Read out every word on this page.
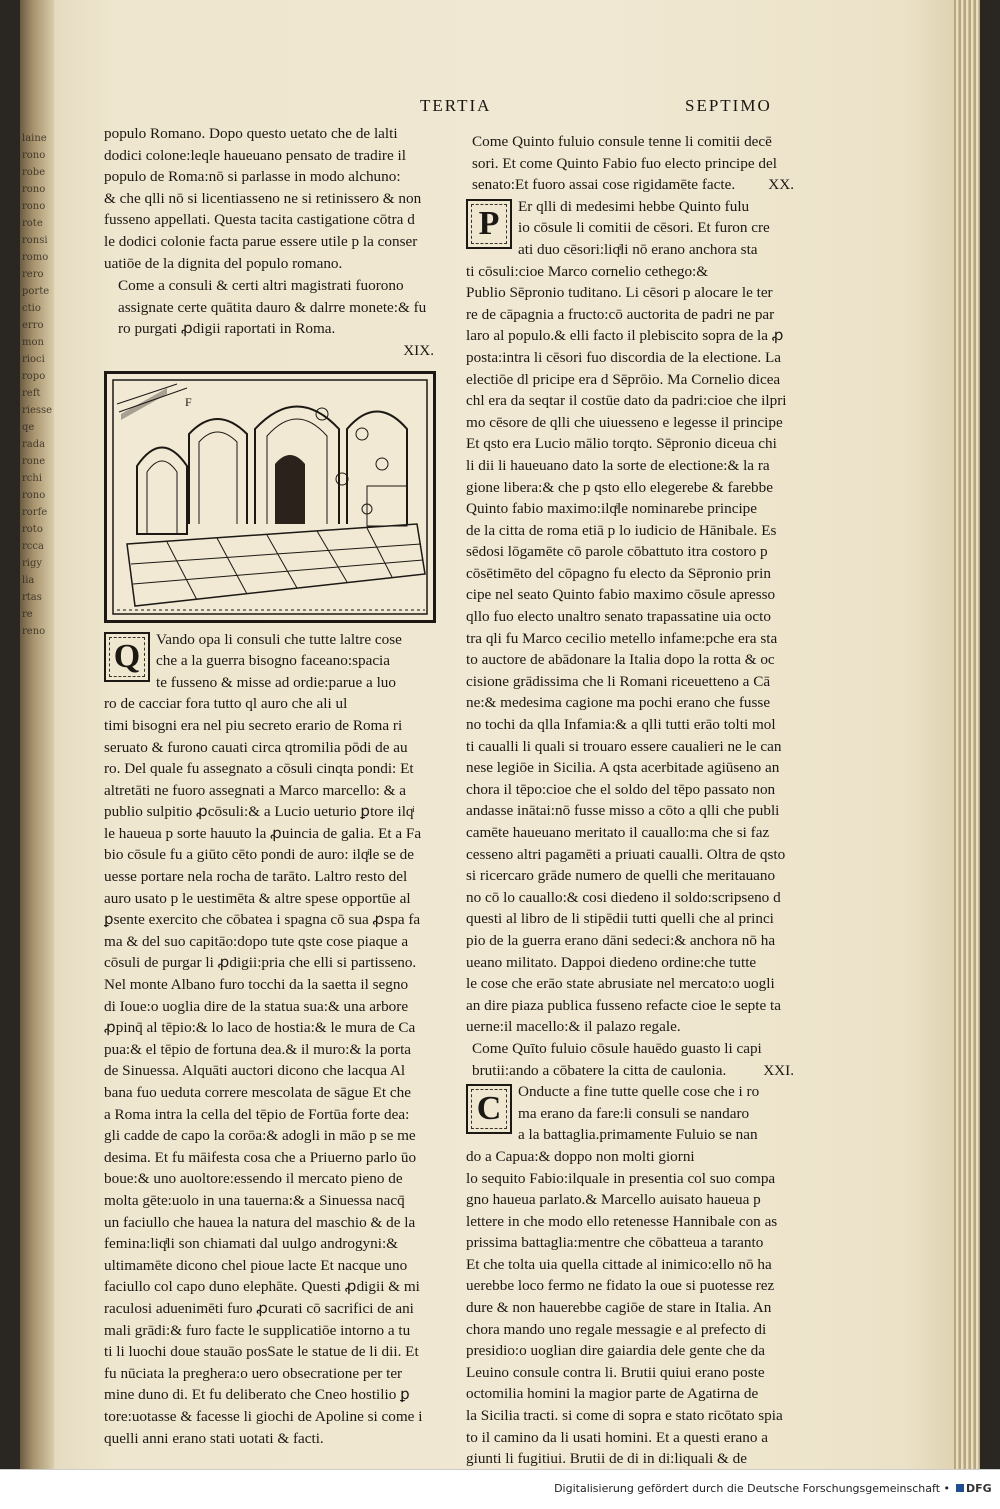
laine
rono
robe
rono
rono
rote
ronsi
romo
rero
porte
ctio
erro
mon
rioci
ropo
reft
riesse
qe
rada
rone
rchi
rono
rorfe
roto
rcca
rigy
lia
rtas
re
reno
TERTIA	SEPTIMO
populo Romano. Dopo questo uetato che de lalti
dodici colone:leqle haueuano pensato de tradire il
populo de Roma:nō si parlasse in modo alchuno:
& che qlli nō si licentiasseno ne si retinissero & non
fusseno appellati. Questa tacita castigatione cōtra d
le dodici colonie facta parue essere utile p la conser
uatiōe de la dignita del populo romano.
Come a consuli & certi altri magistrati fuorono
assignate certe quātita dauro & dalrre monete:& fu
ro purgati ꝓdigii raportati in Roma.
XIX.
F
Q	Vando opa li consuli che tutte laltre cose
che a la guerra bisogno faceano:spacia
te fusseno & misse ad ordie:parue a luo
ro de cacciar fora tutto ql auro che ali ul
timi bisogni era nel piu secreto erario de Roma ri
seruato & furono cauati circa qtromilia pōdi de au
ro. Del quale fu assegnato a cōsuli cinqta pondi: Et
altretāti ne fuoro assegnati a Marco marcello: & a
publio sulpitio ꝓcōsuli:& a Lucio ueturio ꝑtore ilqͥ
le haueua p sorte hauuto la ꝓuincia de galia. Et a Fa
bio cōsule fu a giūto cēto pondi de auro: ilqͥle se de
uesse portare nela rocha de tarāto. Laltro resto del
auro usato p le uestimēta & altre spese opportūe al
ꝑsente exercito che cōbatea i spagna cō sua ꝓspa fa
ma & del suo capitāo:dopo tute qste cose piaque a
cōsuli de purgar li ꝓdigii:pria che elli si partisseno.
Nel monte Albano furo tocchi da la saetta il segno
di Ioue:o uoglia dire de la statua sua:& una arbore
ꝓpinq̄ al tēpio:& lo laco de hostia:& le mura de Ca
pua:& el tēpio de fortuna dea.& il muro:& la porta
de Sinuessa. Alquāti auctori dicono che lacqua Al
bana fuo ueduta correre mescolata de sāgue Et che
a Roma intra la cella del tēpio de Fortūa forte dea:
gli cadde de capo la corōa:& adogli in māo p se me
desima. Et fu māifesta cosa che a Priuerno parlo ūo
boue:& uno auoltore:essendo il mercato pieno de
molta gēte:uolo in una tauerna:& a Sinuessa nacq̄
un faciullo che hauea la natura del maschio & de la
femina:liqͥli son chiamati dal uulgo androgyni:&
ultimamēte dicono chel pioue lacte Et nacque uno
faciullo col capo duno elephāte. Questi ꝓdigii & mi
raculosi aduenimēti furo ꝓcurati cō sacrifici de ani
mali grādi:& furo facte le supplicatiōe intorno a tu
ti li luochi doue stauāo posSate le statue de li dii. Et
fu nūciata la preghera:o uero obsecratione per ter
mine duno di. Et fu deliberato che Cneo hostilio ꝑ
tore:uotasse & facesse li giochi de Apoline si come i
quelli anni erano stati uotati & facti.
Come Quinto fuluio consule tenne li comitii decē
sori. Et come Quinto Fabio fuo electo principe del
senato:Et fuoro assai cose rigidamēte facte.	XX.
P	Er qlli di medesimi hebbe Quinto fulu
io cōsule li comitii de cēsori. Et furon cre
ati duo cēsori:liqͥli nō erano anchora sta
ti cōsuli:cioe Marco cornelio cethego:&
Publio Sēpronio tuditano. Li cēsori p alocare le ter
re de cāpagnia a fructo:cō auctorita de padri ne par
laro al populo.& elli facto il plebiscito sopra de la ꝓ
posta:intra li cēsori fuo discordia de la electione. La
electiōe dl pricipe era d Sēprōio. Ma Cornelio dicea
chl era da seqtar il costūe dato da padri:cioe che ilpri
mo cēsore de qlli che uiuesseno e legesse il principe
Et qsto era Lucio mālio torqto. Sēpronio diceua chi
li dii li haueuano dato la sorte de electione:& la ra
gione libera:& che p qsto ello elegerebe & farebbe
Quinto fabio maximo:ilqͥle nominarebe principe
de la citta de roma etiā p lo iudicio de Hānibale. Es
sēdosi lōgamēte cō parole cōbattuto itra costoro p
cōsētimēto del cōpagno fu electo da Sēpronio prin
cipe nel seato Quinto fabio maximo cōsule apresso
qllo fuo electo unaltro senato trapassatine uia octo
tra qli fu Marco cecilio metello infame:pche era sta
to auctore de abādonare la Italia dopo la rotta & oc
cisione grādissima che li Romani riceuetteno a Cā
ne:& medesima cagione ma pochi erano che fusse
no tochi da qlla Infamia:& a qlli tutti erāo tolti mol
ti caualli li quali si trouaro essere caualieri ne le can
nese legiōe in Sicilia. A qsta acerbitade agiūseno an
chora il tēpo:cioe che el soldo del tēpo passato non
andasse inātai:nō fusse misso a cōto a qlli che publi
camēte haueuano meritato il cauallo:ma che si faz
cesseno altri pagamēti a priuati caualli. Oltra de qsto
si ricercaro grāde numero de quelli che meritauano
no cō lo cauallo:& cosi diedeno il soldo:scripseno d
questi al libro de li stipēdii tutti quelli che al princi
pio de la guerra erano dāni sedeci:& anchora nō ha
ueano militato. Dappoi diedeno ordine:che tutte
le cose che erāo state abrusiate nel mercato:o uogli
an dire piaza publica fusseno refacte cioe le septe ta
uerne:il macello:& il palazo regale.
Come Quīto fuluio cōsule hauēdo guasto li capi
brutii:ando a cōbatere la citta de caulonia.	XXI.
C	Onducte a fine tutte quelle cose che i ro
ma erano da fare:li consuli se nandaro
a la battaglia.primamente Fuluio se nan
do a Capua:& doppo non molti giorni
lo sequito Fabio:ilquale in presentia col suo compa
gno haueua parlato.& Marcello auisato haueua p
lettere in che modo ello retenesse Hannibale con as
prissima battaglia:mentre che cōbatteua a taranto
Et che tolta uia quella cittade al inimico:ello nō ha
uerebbe loco fermo ne fidato la oue si puotesse rez
dure & non hauerebbe cagiōe de stare in Italia. An
chora mando uno regale messagie e al prefecto di
presidio:o uoglian dire gaiardia dele gente che da
Leuino consule contra li. Brutii quiui erano poste
octomilia homini la magior parte de Agatirna de
la Sicilia tracti. si come di sopra e stato ricōtato spia
to il camino da li usati homini. Et a questi erano a
giunti li fugitiui. Brutii de di in di:liquali & de
Digitalisierung gefördert durch die Deutsche Forschungsgemeinschaft • DFG
